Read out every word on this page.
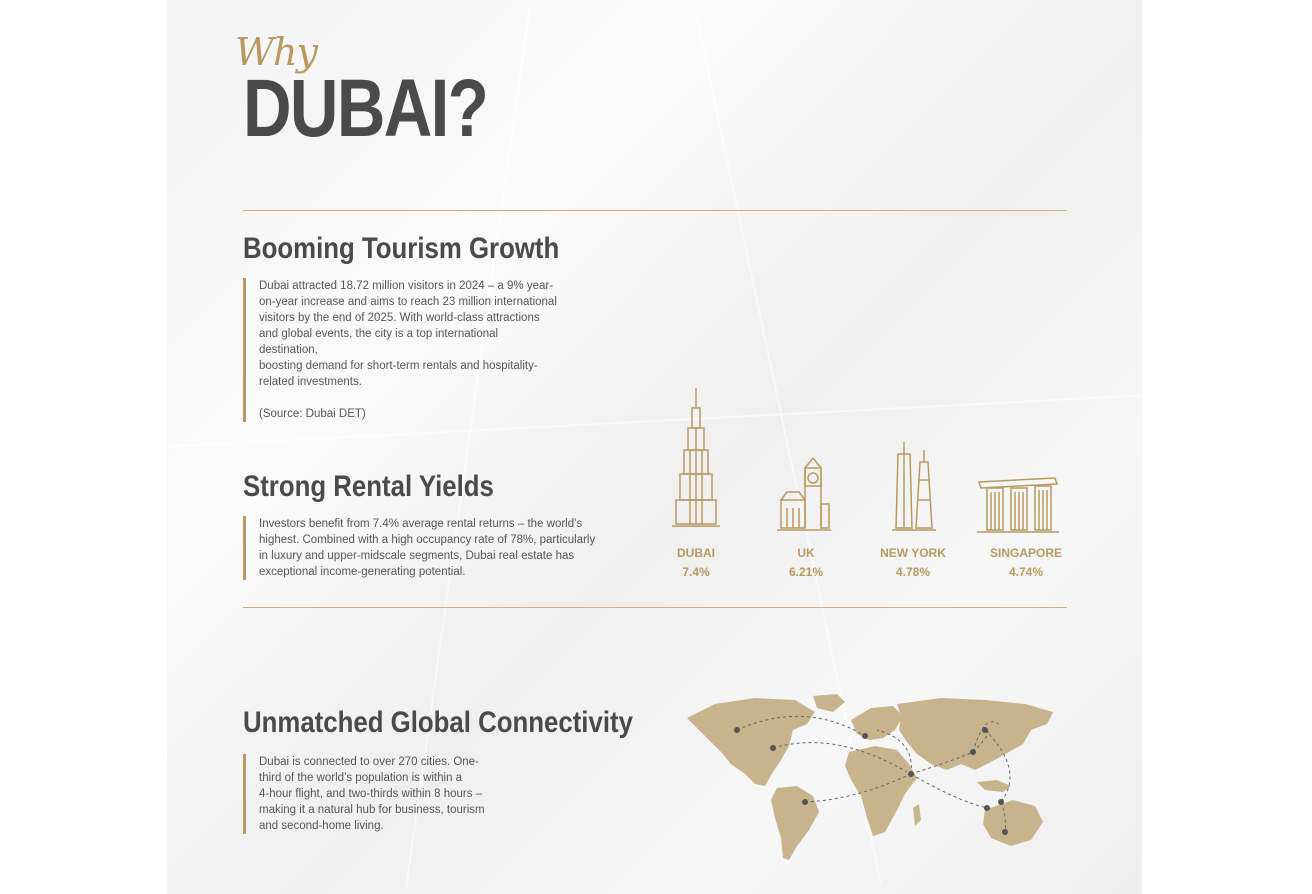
Why
DUBAI?
Booming Tourism Growth

Dubai attracted 18.72 million visitors in 2024 – a 9% year-

on-year increase and aims to reach 23 million international

visitors by the end of 2025. With world-class attractions

and global events, the city is a top international destination,

boosting demand for short-term rentals and hospitality-

related investments.

(Source: Dubai DET)

Strong Rental Yields

Investors benefit from 7.4% average rental returns – the world’s

highest. Combined with a high occupancy rate of 78%, particularly

in luxury and upper-midscale segments, Dubai real estate has

exceptional income-generating potential.

DUBAI
7.4%
UK
6.21%
NEW YORK
4.78%
SINGAPORE
4.74%
Unmatched Global Connectivity

Dubai is connected to over 270 cities. One-

third of the world’s population is within a

4-hour flight, and two-thirds within 8 hours –

making it a natural hub for business, tourism

and second-home living.
